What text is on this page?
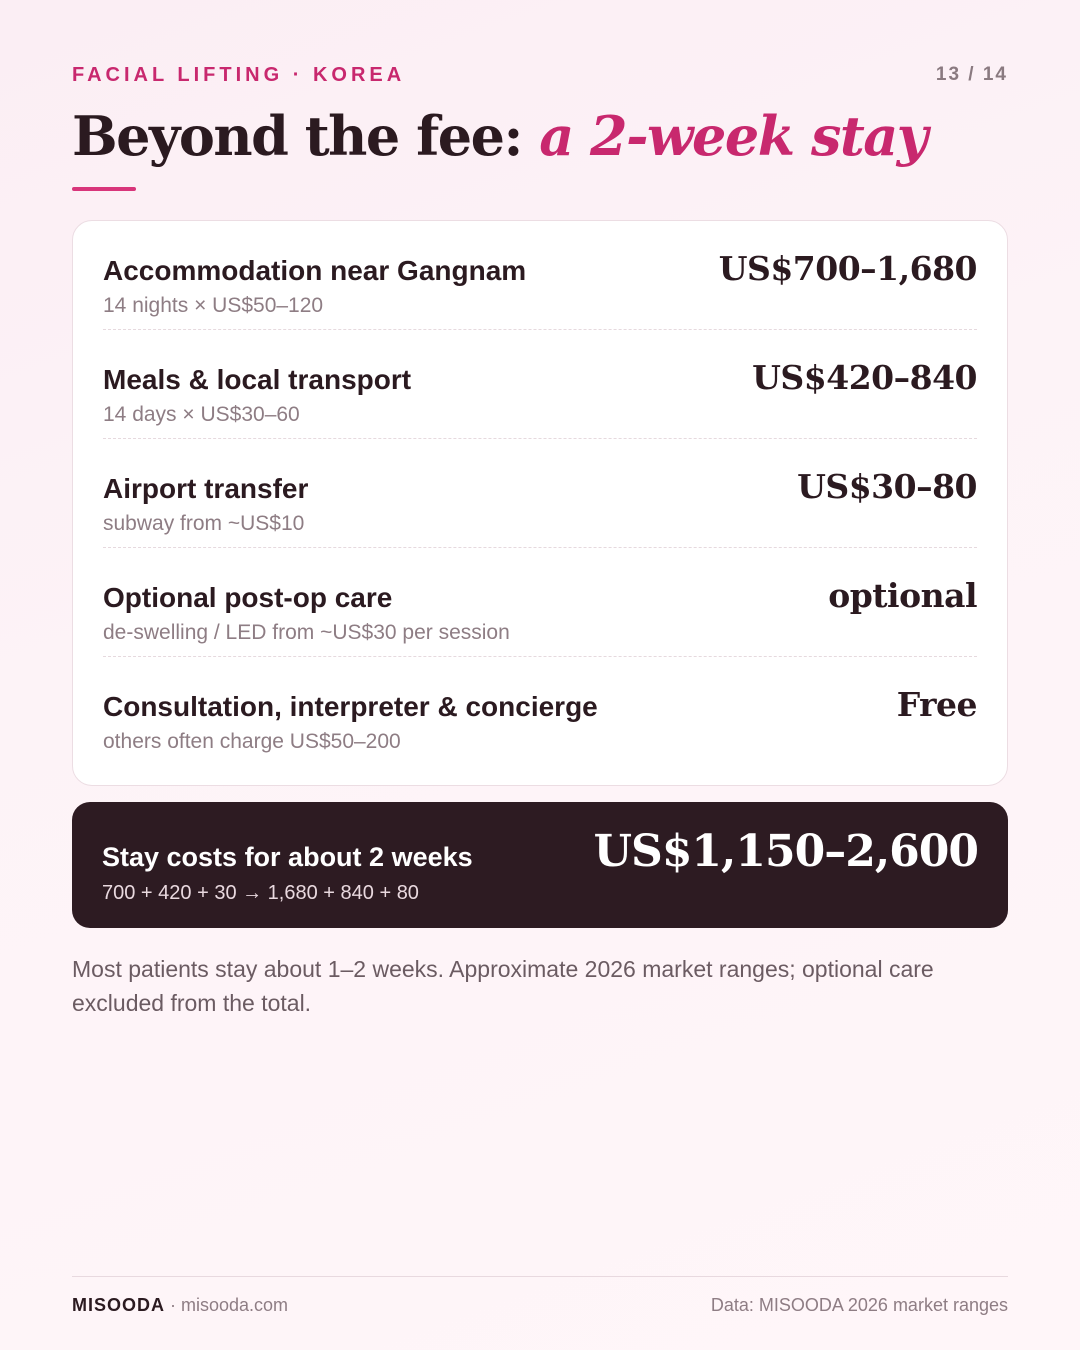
FACIAL LIFTING · KOREA	13 / 14
Beyond the fee: a 2-week stay
Accommodation near Gangnam
14 nights × US$50–120
US$700–1,680
Meals & local transport
14 days × US$30–60
US$420–840
Airport transfer
subway from ~US$10
US$30–80
Optional post-op care
de-swelling / LED from ~US$30 per session
optional
Consultation, interpreter & concierge
others often charge US$50–200
Free
Stay costs for about 2 weeks
700 + 420 + 30 → 1,680 + 840 + 80
US$1,150–2,600

Most patients stay about 1–2 weeks. Approximate 2026 market ranges; optional care excluded from the total.

MISOODA · misooda.com	Data: MISOODA 2026 market ranges
